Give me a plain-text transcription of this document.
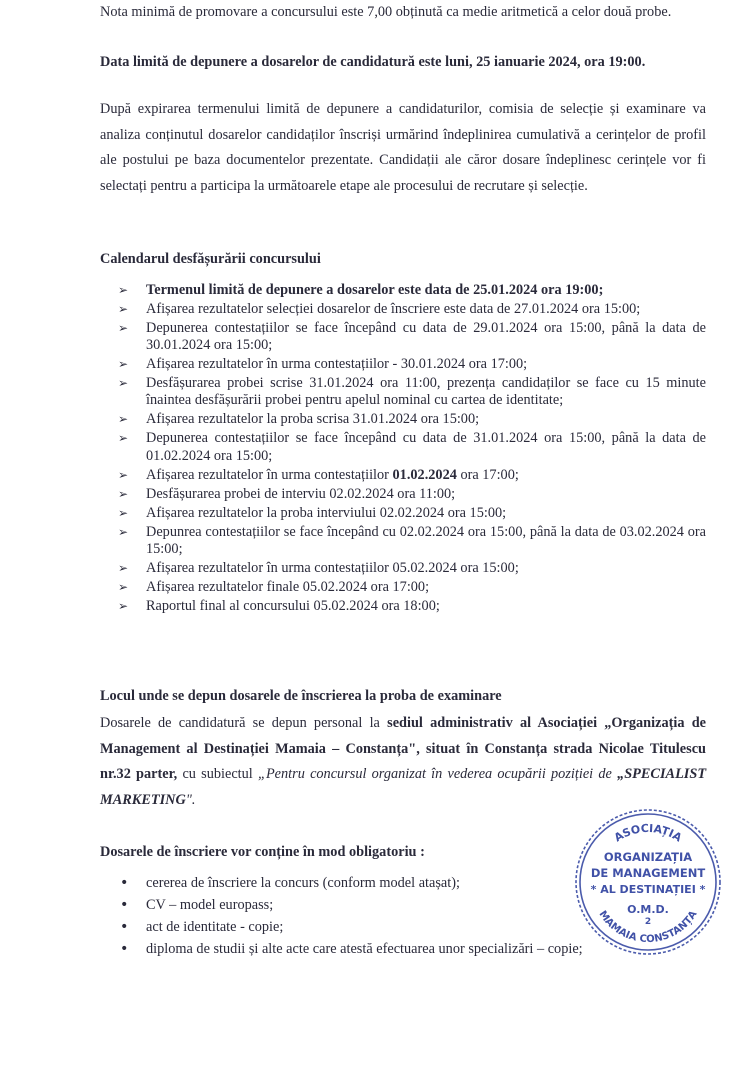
Nota minimă de promovare a concursului este 7,00 obținută ca medie aritmetică a celor două probe.

Data limită de depunere a dosarelor de candidatură este luni, 25 ianuarie 2024, ora 19:00.

După expirarea termenului limită de depunere a candidaturilor, comisia de selecție și examinare va analiza conținutul dosarelor candidaților înscriși urmărind îndeplinirea cumulativă a cerințelor de profil ale postului pe baza documentelor prezentate. Candidații ale căror dosare îndeplinesc cerințele vor fi selectați pentru a participa la următoarele etape ale procesului de recrutare și selecție.

Calendarul desfășurării concursului
➢ Termenul limită de depunere a dosarelor este data de 25.01.2024 ora 19:00;
➢ Afișarea rezultatelor selecției dosarelor de înscriere este data de 27.01.2024 ora 15:00;
➢ Depunerea contestațiilor se face începând cu data de 29.01.2024 ora 15:00, până la data de 30.01.2024 ora 15:00;
➢ Afișarea rezultatelor în urma contestațiilor - 30.01.2024 ora 17:00;
➢ Desfășurarea probei scrise 31.01.2024 ora 11:00, prezența candidaților se face cu 15 minute înaintea desfășurării probei pentru apelul nominal cu cartea de identitate;
➢ Afișarea rezultatelor la proba scrisa 31.01.2024 ora 15:00;
➢ Depunerea contestațiilor se face începând cu data de 31.01.2024 ora 15:00, până la data de 01.02.2024 ora 15:00;
➢ Afișarea rezultatelor în urma contestațiilor 01.02.2024 ora 17:00;
➢ Desfășurarea probei de interviu 02.02.2024 ora 11:00;
➢ Afișarea rezultatelor la proba interviului 02.02.2024 ora 15:00;
➢ Depunrea contestațiilor se face începând cu 02.02.2024 ora 15:00, până la data de 03.02.2024 ora 15:00;
➢ Afișarea rezultatelor în urma contestațiilor 05.02.2024 ora 15:00;
➢ Afișarea rezultatelor finale 05.02.2024 ora 17:00;
➢ Raportul final al concursului 05.02.2024 ora 18:00;
Locul unde se depun dosarele de înscrierea la proba de examinare

Dosarele de candidatură se depun personal la sediul administrativ al Asociației „Organizația de Management al Destinației Mamaia – Constanța", situat în Constanța strada Nicolae Titulescu nr.32 parter, cu subiectul „Pentru concursul organizat în vederea ocupării poziției de „SPECIALIST MARKETING".

Dosarele de înscriere vor conține în mod obligatoriu :
• cererea de înscriere la concurs (conform model atașat);
• CV – model europass;
• act de identitate - copie;
• diploma de studii și alte acte care atestă efectuarea unor specializări – copie;
ASOCIAȚIA
ORGANIZAȚIA
DE MANAGEMENT
* AL DESTINAȚIEI *
O.M.D.
2
MAMAIA CONSTANȚA
